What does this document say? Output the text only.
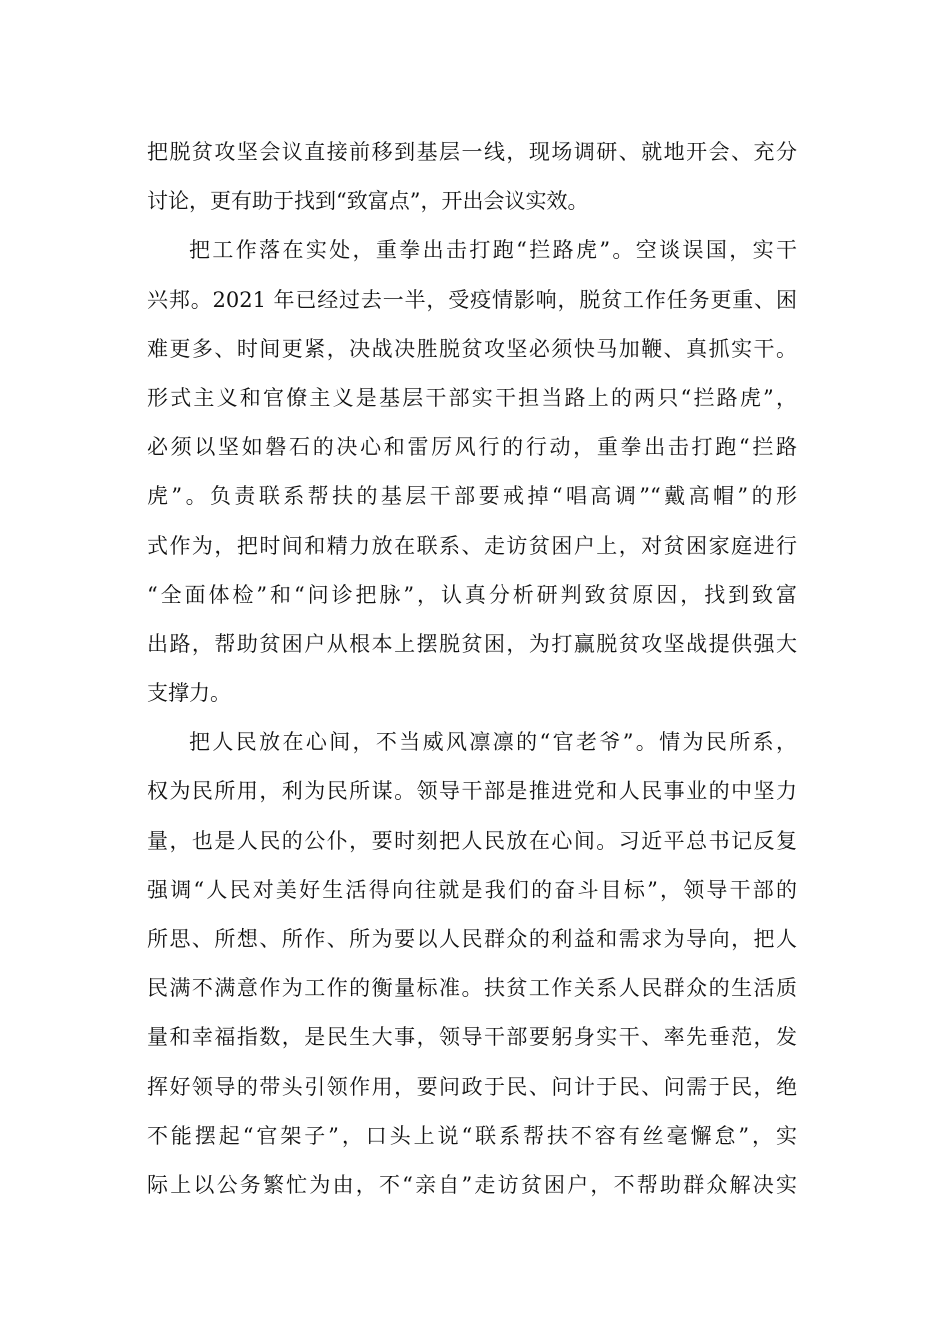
把脱贫攻坚会议直接前移到基层一线，现场调研、就地开会、充分
讨论，更有助于找到“致富点”，开出会议实效。
把工作落在实处，重拳出击打跑“拦路虎”。空谈误国，实干
兴邦。2021 年已经过去一半，受疫情影响，脱贫工作任务更重、困
难更多、时间更紧，决战决胜脱贫攻坚必须快马加鞭、真抓实干。
形式主义和官僚主义是基层干部实干担当路上的两只“拦路虎”，
必须以坚如磐石的决心和雷厉风行的行动，重拳出击打跑“拦路
虎”。负责联系帮扶的基层干部要戒掉“唱高调”“戴高帽”的形
式作为，把时间和精力放在联系、走访贫困户上，对贫困家庭进行
“全面体检”和“问诊把脉”，认真分析研判致贫原因，找到致富
出路，帮助贫困户从根本上摆脱贫困，为打赢脱贫攻坚战提供强大
支撑力。
把人民放在心间，不当威风凛凛的“官老爷”。情为民所系，
权为民所用，利为民所谋。领导干部是推进党和人民事业的中坚力
量，也是人民的公仆，要时刻把人民放在心间。习近平总书记反复
强调“人民对美好生活得向往就是我们的奋斗目标”，领导干部的
所思、所想、所作、所为要以人民群众的利益和需求为导向，把人
民满不满意作为工作的衡量标准。扶贫工作关系人民群众的生活质
量和幸福指数，是民生大事，领导干部要躬身实干、率先垂范，发
挥好领导的带头引领作用，要问政于民、问计于民、问需于民，绝
不能摆起“官架子”，口头上说“联系帮扶不容有丝毫懈怠”，实
际上以公务繁忙为由，不“亲自”走访贫困户，不帮助群众解决实
